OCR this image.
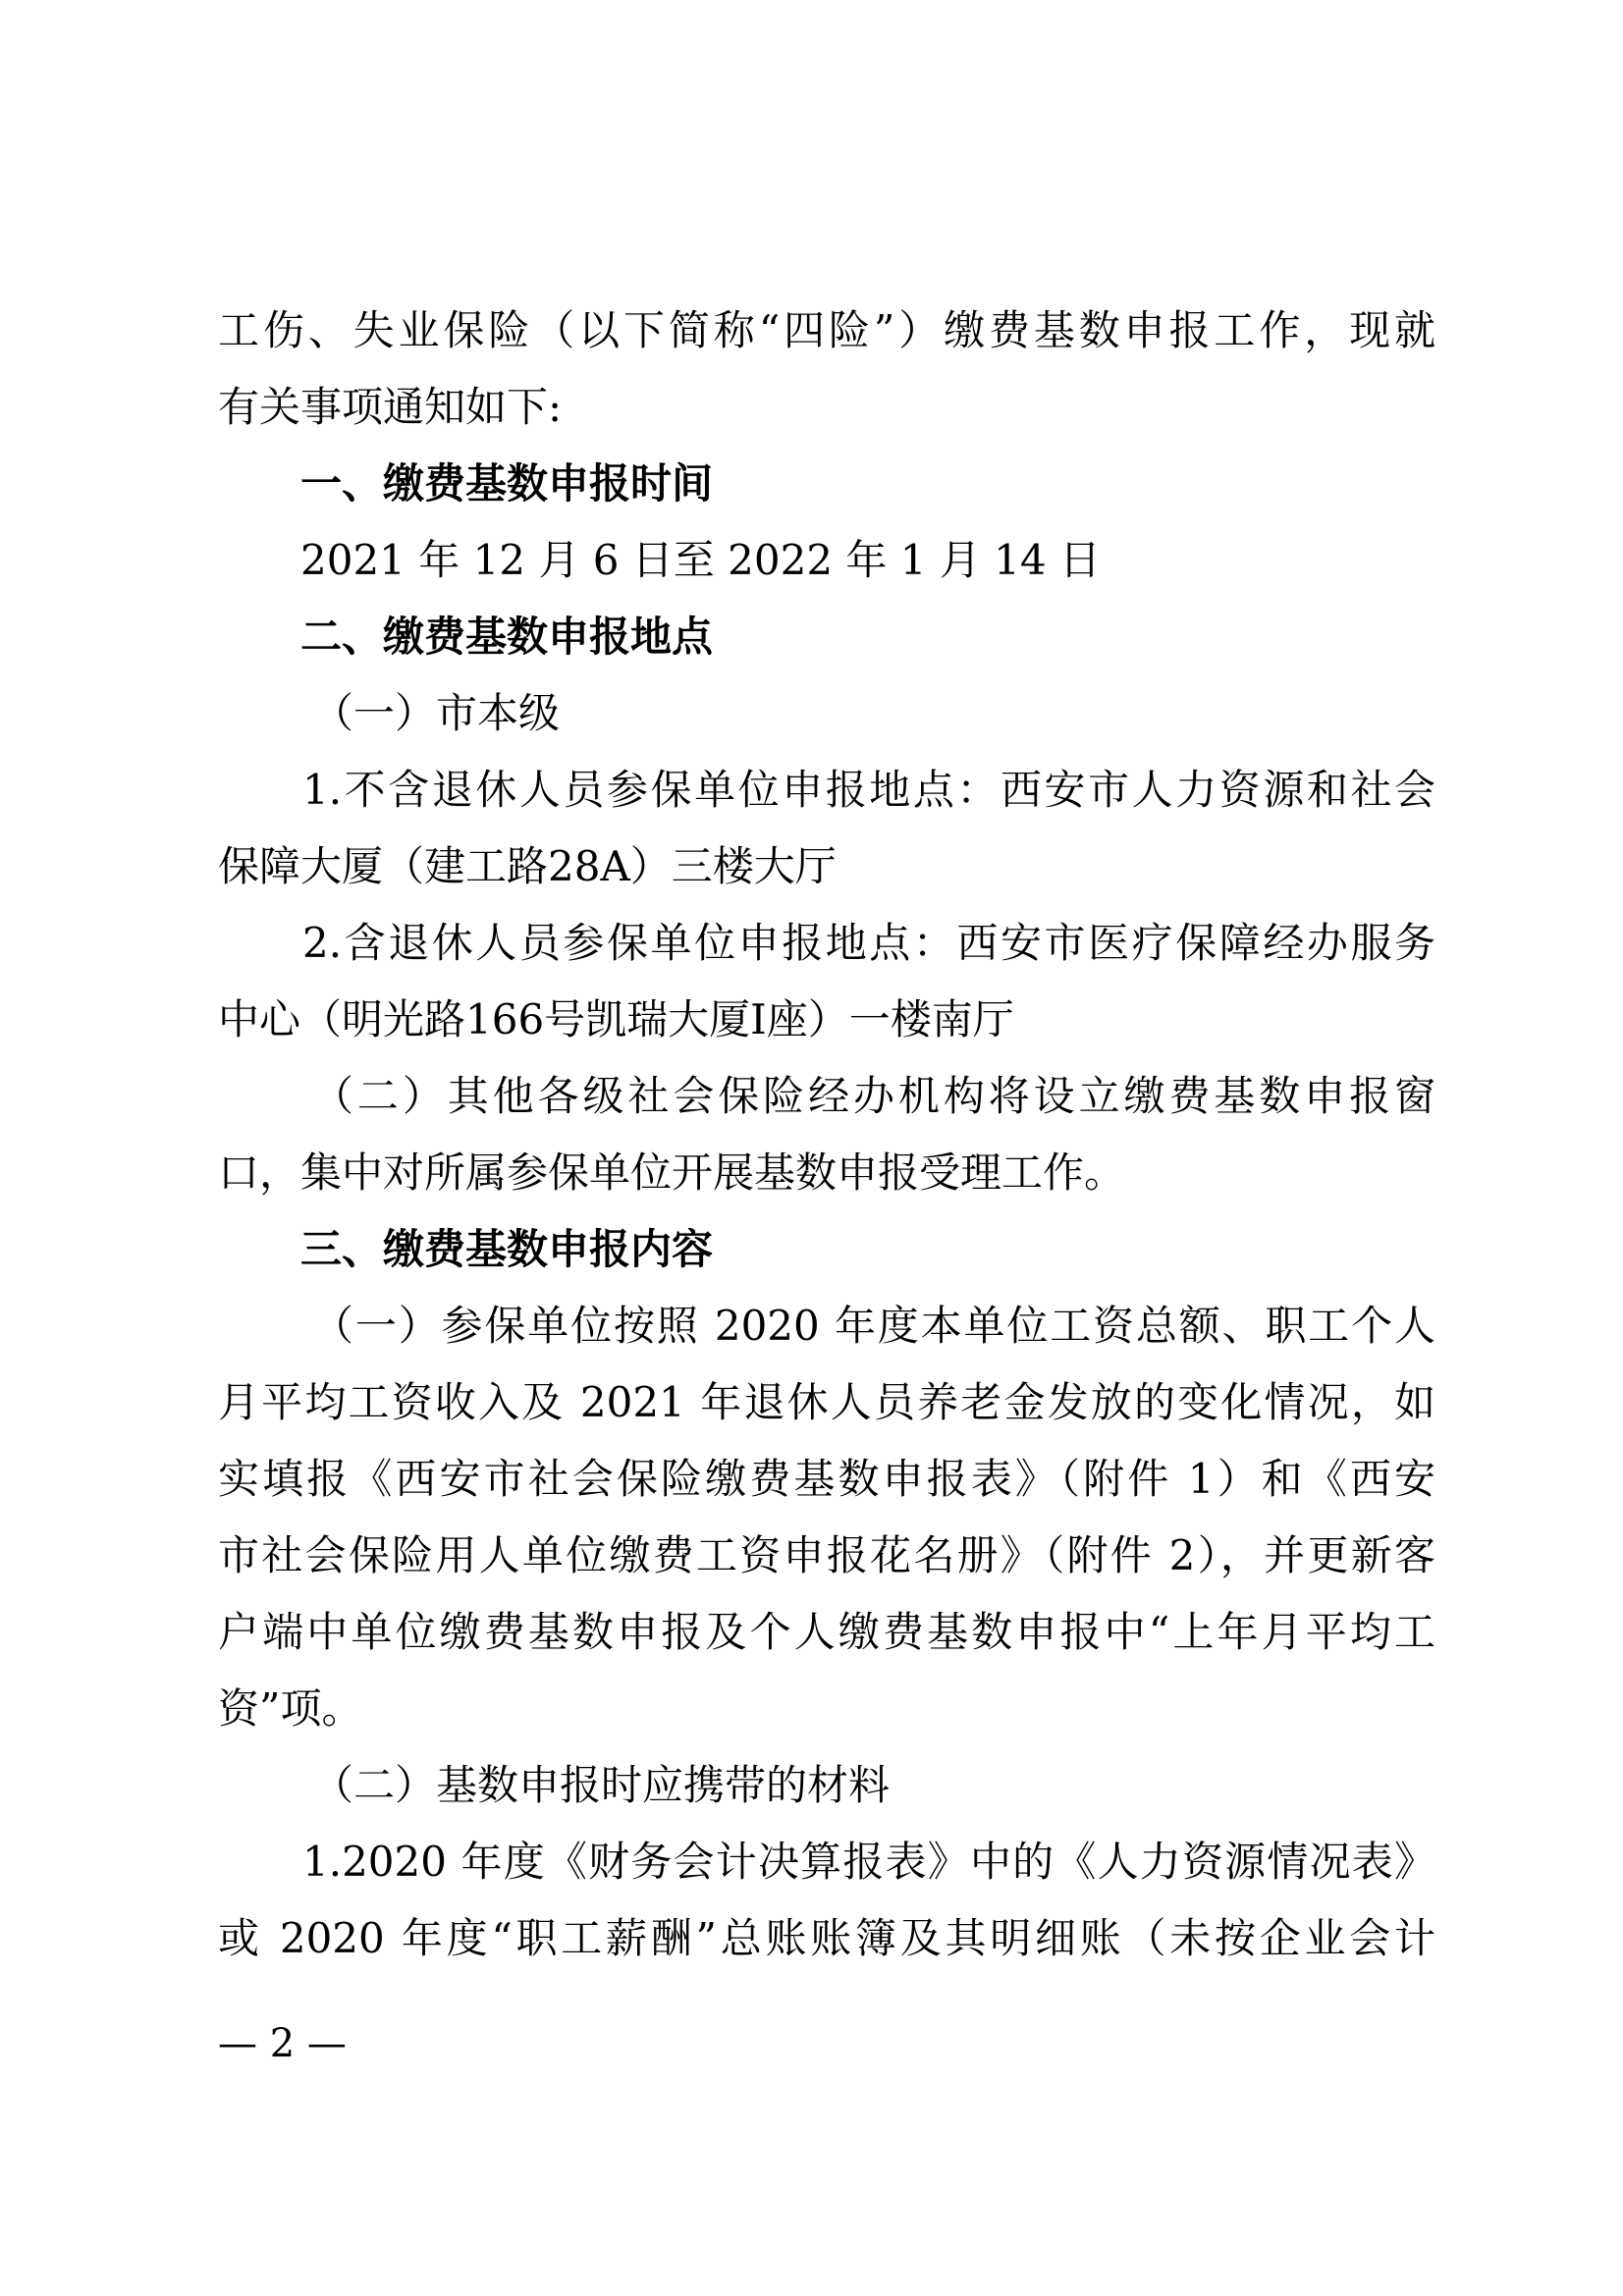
工伤、失业保险（以下简称“四险”）缴费基数申报工作，现就
有关事项通知如下:
一、缴费基数申报时间
2021 年 12 月 6 日至 2022 年 1 月 14 日
二、缴费基数申报地点
（一）市本级
1.不含退休人员参保单位申报地点：西安市人力资源和社会
保障大厦（建工路28A）三楼大厅
2.含退休人员参保单位申报地点：西安市医疗保障经办服务
中心（明光路166号凯瑞大厦I座）一楼南厅
（二）其他各级社会保险经办机构将设立缴费基数申报窗
口，集中对所属参保单位开展基数申报受理工作。
三、缴费基数申报内容
（一）参保单位按照 2020 年度本单位工资总额、职工个人
月平均工资收入及 2021 年退休人员养老金发放的变化情况，如
实填报《西安市社会保险缴费基数申报表》（附件 1）和《西安
市社会保险用人单位缴费工资申报花名册》（附件 2），并更新客
户端中单位缴费基数申报及个人缴费基数申报中“上年月平均工
资”项。
（二）基数申报时应携带的材料
1.2020 年度《财务会计决算报表》中的《人力资源情况表》
或 2020 年度“职工薪酬”总账账簿及其明细账（未按企业会计
— 2 —
